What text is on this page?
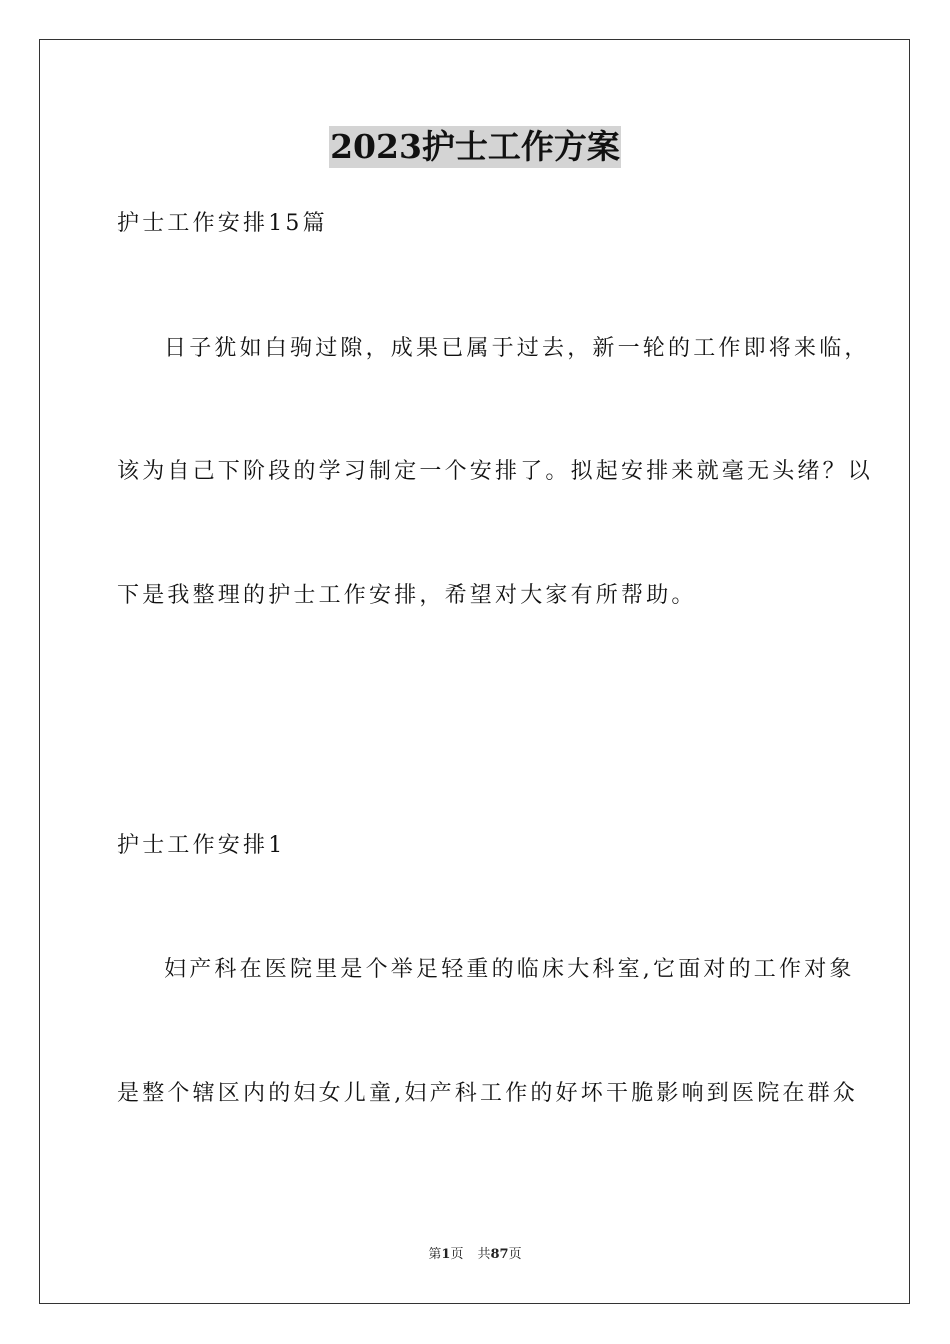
2023护士工作方案
护士工作安排15篇
日子犹如白驹过隙，成果已属于过去，新一轮的工作即将来临，
该为自己下阶段的学习制定一个安排了。拟起安排来就毫无头绪？以
下是我整理的护士工作安排，希望对大家有所帮助。
护士工作安排1
妇产科在医院里是个举足轻重的临床大科室,它面对的工作对象
是整个辖区内的妇女儿童,妇产科工作的好坏干脆影响到医院在群众
第1页 共87页
